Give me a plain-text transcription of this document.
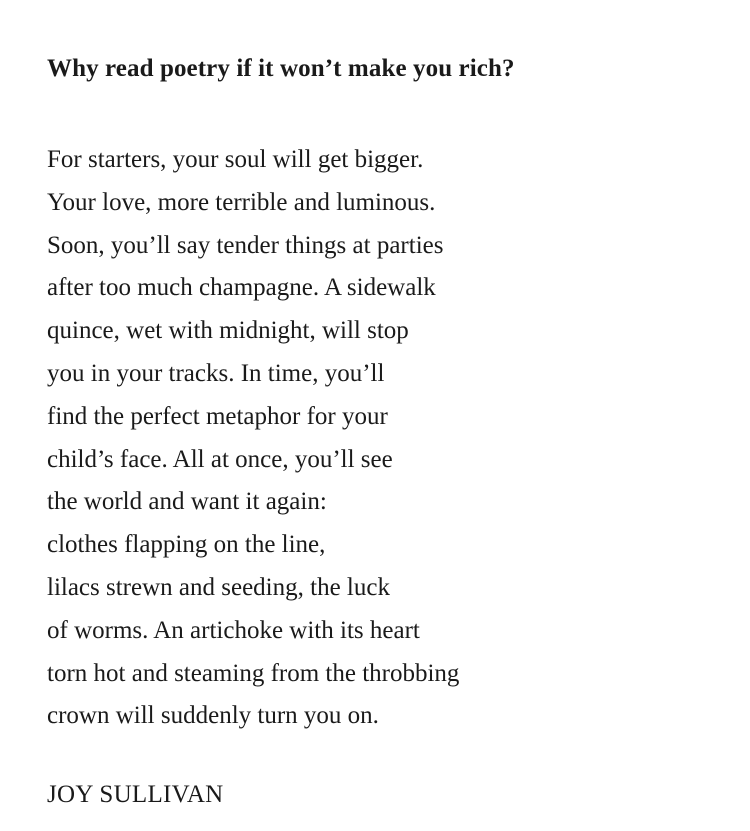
Why read poetry if it won’t make you rich?
For starters, your soul will get bigger.
Your love, more terrible and luminous.
Soon, you’ll say tender things at parties
after too much champagne. A sidewalk
quince, wet with midnight, will stop
you in your tracks. In time, you’ll
find the perfect metaphor for your
child’s face. All at once, you’ll see
the world and want it again:
clothes flapping on the line,
lilacs strewn and seeding, the luck
of worms. An artichoke with its heart
torn hot and steaming from the throbbing
crown will suddenly turn you on.

JOY SULLIVAN
